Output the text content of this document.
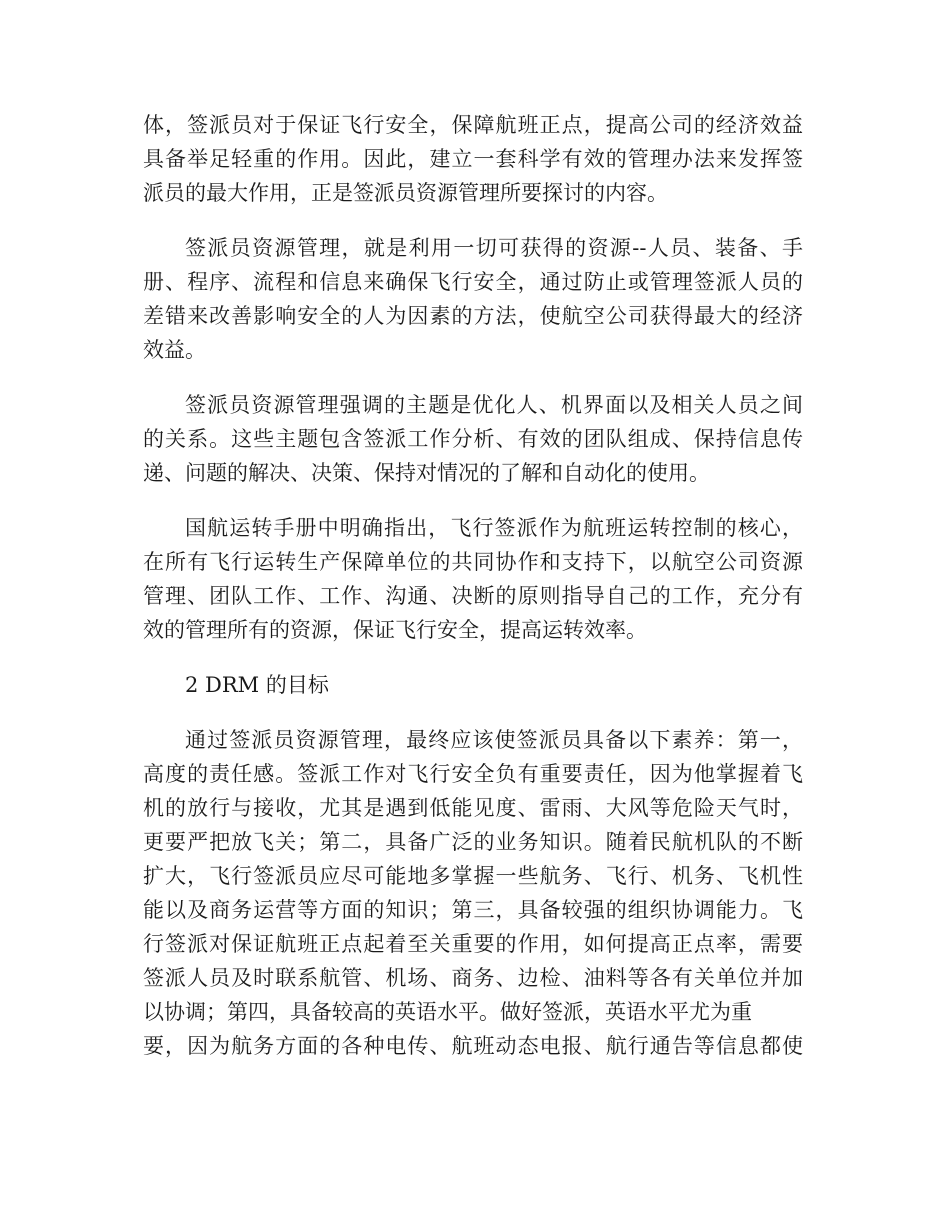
体，签派员对于保证飞行安全，保障航班正点，提高公司的经济效益
具备举足轻重的作用。因此，建立一套科学有效的管理办法来发挥签
派员的最大作用，正是签派员资源管理所要探讨的内容。
签派员资源管理，就是利用一切可获得的资源--人员、装备、手
册、程序、流程和信息来确保飞行安全，通过防止或管理签派人员的
差错来改善影响安全的人为因素的方法，使航空公司获得最大的经济
效益。
签派员资源管理强调的主题是优化人、机界面以及相关人员之间
的关系。这些主题包含签派工作分析、有效的团队组成、保持信息传
递、问题的解决、决策、保持对情况的了解和自动化的使用。
国航运转手册中明确指出，飞行签派作为航班运转控制的核心，
在所有飞行运转生产保障单位的共同协作和支持下，以航空公司资源
管理、团队工作、工作、沟通、决断的原则指导自己的工作，充分有
效的管理所有的资源，保证飞行安全，提高运转效率。
2 DRM 的目标
通过签派员资源管理，最终应该使签派员具备以下素养：第一，
高度的责任感。签派工作对飞行安全负有重要责任，因为他掌握着飞
机的放行与接收，尤其是遇到低能见度、雷雨、大风等危险天气时，
更要严把放飞关；第二，具备广泛的业务知识。随着民航机队的不断
扩大，飞行签派员应尽可能地多掌握一些航务、飞行、机务、飞机性
能以及商务运营等方面的知识；第三，具备较强的组织协调能力。飞
行签派对保证航班正点起着至关重要的作用，如何提高正点率，需要
签派人员及时联系航管、机场、商务、边检、油料等各有关单位并加
以协调；第四，具备较高的英语水平。做好签派，英语水平尤为重
要，因为航务方面的各种电传、航班动态电报、航行通告等信息都使
